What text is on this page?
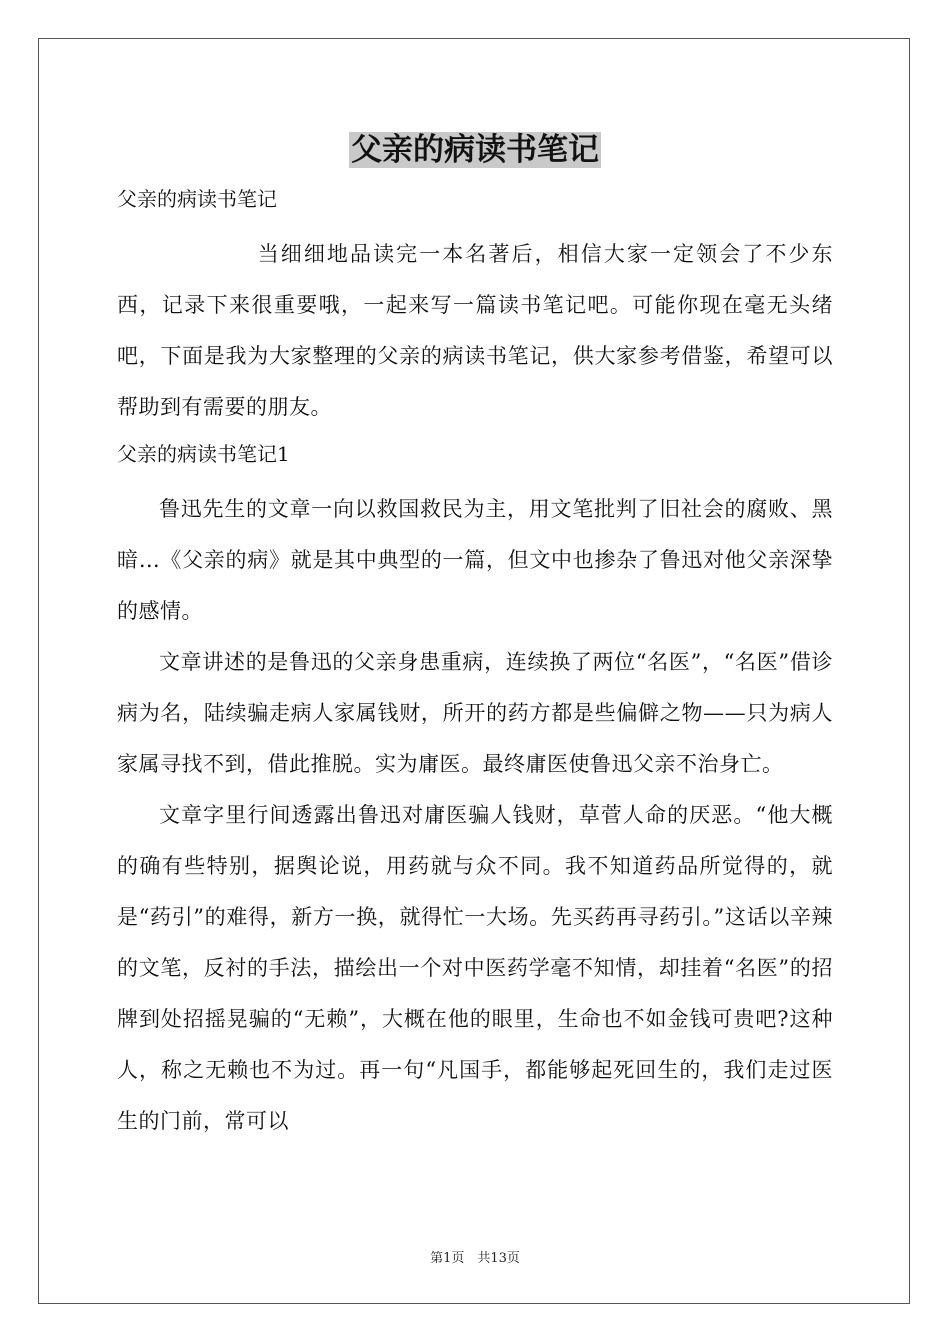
父亲的病读书笔记

父亲的病读书笔记

当细细地品读完一本名著后，相信大家一定领会了不少东西，记录下来很重要哦，一起来写一篇读书笔记吧。可能你现在毫无头绪吧，下面是我为大家整理的父亲的病读书笔记，供大家参考借鉴，希望可以帮助到有需要的朋友。

父亲的病读书笔记1

鲁迅先生的文章一向以救国救民为主，用文笔批判了旧社会的腐败、黑暗…《父亲的病》就是其中典型的一篇，但文中也掺杂了鲁迅对他父亲深挚的感情。

文章讲述的是鲁迅的父亲身患重病，连续换了两位“名医”，“名医”借诊病为名，陆续骗走病人家属钱财，所开的药方都是些偏僻之物——只为病人家属寻找不到，借此推脱。实为庸医。最终庸医使鲁迅父亲不治身亡。

文章字里行间透露出鲁迅对庸医骗人钱财，草菅人命的厌恶。“他大概的确有些特别，据舆论说，用药就与众不同。我不知道药品所觉得的，就是“药引”的难得，新方一换，就得忙一大场。先买药再寻药引。”这话以辛辣的文笔，反衬的手法，描绘出一个对中医药学毫不知情，却挂着“名医”的招牌到处招摇晃骗的“无赖”，大概在他的眼里，生命也不如金钱可贵吧?这种人，称之无赖也不为过。再一句“凡国手，都能够起死回生的，我们走过医生的门前，常可以

第1页　共13页
